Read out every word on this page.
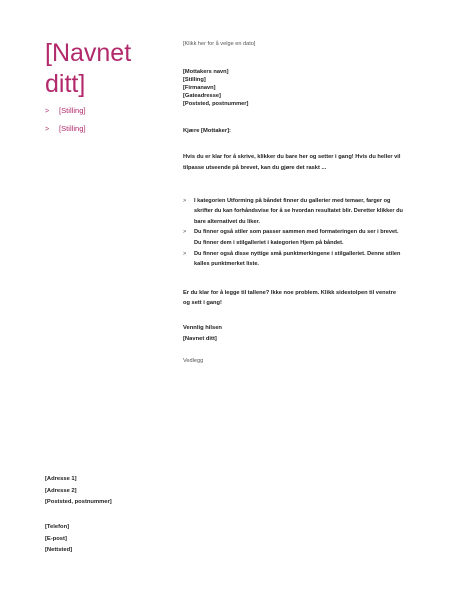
[Navnet
ditt]
>	[Stilling]
>	[Stilling]
[Adresse 1]
[Adresse 2]
[Poststed, postnummer]
[Telefon]
[E-post]
[Nettsted]
[Klikk her for å velge en dato]
[Mottakers navn]
[Stilling]
[Firmanavn]
[Gateadresse]
[Poststed, postnummer]
Kjære [Mottaker]:
Hvis du er klar for å skrive, klikker du bare her og setter i gang! Hvis du heller vil tilpasse utseende på brevet, kan du gjøre det raskt ...
>	I kategorien Utforming på båndet finner du gallerier med temaer, farger og skrifter du kan forhåndsvise for å se hvordan resultatet blir. Deretter klikker du bare alternativet du liker.
>	Du finner også stiler som passer sammen med formateringen du ser i brevet. Du finner dem i stilgalleriet i kategorien Hjem på båndet.
>	Du finner også disse nyttige små punktmerkingene i stilgalleriet. Denne stilen kalles punktmerket liste.
Er du klar for å legge til tallene? Ikke noe problem. Klikk sidestolpen til venstre og sett i gang!
Vennlig hilsen
[Navnet ditt]
Vedlegg
